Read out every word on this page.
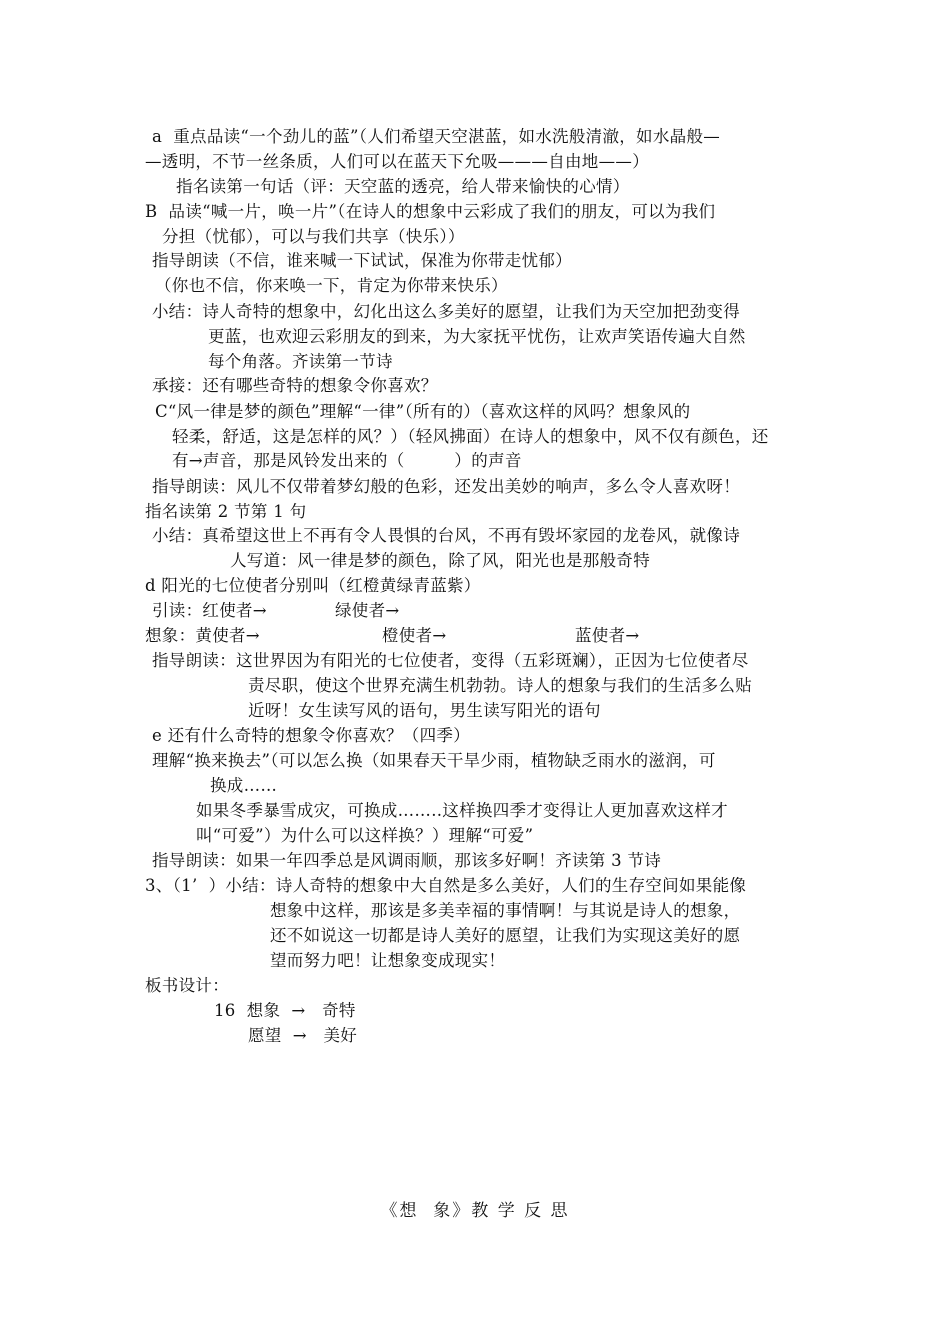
a  重点品读“一个劲儿的蓝”（人们希望天空湛蓝，如水洗般清澈，如水晶般—
—透明，不节一丝条质，人们可以在蓝天下允吸———自由地——）
指名读第一句话（评：天空蓝的透亮，给人带来愉快的心情）
B  品读“喊一片，唤一片”（在诗人的想象中云彩成了我们的朋友，可以为我们
分担（忧郁），可以与我们共享（快乐））
指导朗读（不信，谁来喊一下试试，保准为你带走忧郁）
（你也不信，你来唤一下，肯定为你带来快乐）
小结：诗人奇特的想象中，幻化出这么多美好的愿望，让我们为天空加把劲变得
更蓝，也欢迎云彩朋友的到来，为大家抚平忧伤，让欢声笑语传遍大自然
每个角落。齐读第一节诗
承接：还有哪些奇特的想象令你喜欢？
C“风一律是梦的颜色”理解“一律”（所有的）（喜欢这样的风吗？想象风的
轻柔，舒适，这是怎样的风？）（轻风拂面）在诗人的想象中，风不仅有颜色，还
有→声音，那是风铃发出来的（         ）的声音
指导朗读：风儿不仅带着梦幻般的色彩，还发出美妙的响声，多么令人喜欢呀！
指名读第 2 节第 1 句
小结：真希望这世上不再有令人畏惧的台风，不再有毁坏家园的龙卷风，就像诗
人写道：风一律是梦的颜色，除了风，阳光也是那般奇特
d 阳光的七位使者分别叫（红橙黄绿青蓝紫）
引读：红使者→	绿使者→
想象：黄使者→	橙使者→	蓝使者→
指导朗读：这世界因为有阳光的七位使者，变得（五彩斑斓），正因为七位使者尽
责尽职，使这个世界充满生机勃勃。诗人的想象与我们的生活多么贴
近呀！女生读写风的语句，男生读写阳光的语句
e 还有什么奇特的想象令你喜欢？（四季）
理解“换来换去”（可以怎么换（如果春天干旱少雨，植物缺乏雨水的滋润，可
换成……
如果冬季暴雪成灾，可换成……..这样换四季才变得让人更加喜欢这样才
叫“可爱”）为什么可以这样换？）理解“可爱”
指导朗读：如果一年四季总是风调雨顺，那该多好啊！齐读第 3 节诗
3、（1’  ）小结：诗人奇特的想象中大自然是多么美好，人们的生存空间如果能像
想象中这样，那该是多美幸福的事情啊！与其说是诗人的想象，
还不如说这一切都是诗人美好的愿望，让我们为实现这美好的愿
望而努力吧！让想象变成现实！
板书设计：
16  想象  →   奇特
愿望  →   美好
《想  象》教 学 反 思
